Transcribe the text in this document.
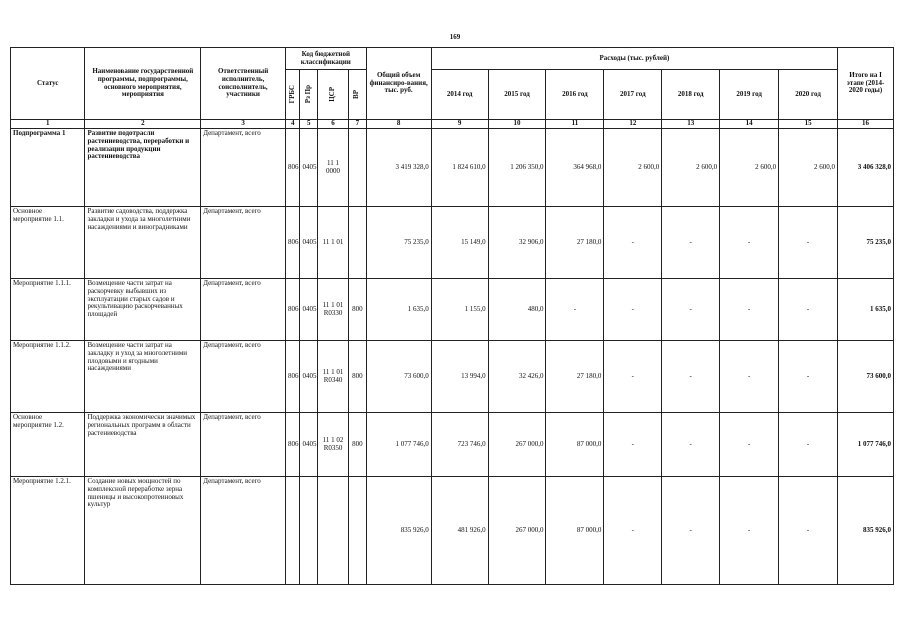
169
Статус	Наименование государственной программы, подпрограммы, основного мероприятия, мероприятия	Ответственный исполнитель, соисполнитель, участники	Код бюджетной классификации				Общий объем финансиро-вания, тыс. руб.	Расходы (тыс. рублей)							Итого на I этапе (2014-2020 годы)

			ГРБС	Рз Пр	ЦСР	ВР		2014 год	2015 год	2016 год	2017 год	2018 год	2019 год	2020 год	
1	2	3	4	5	6	7	8	9	10	11	12	13	14	15	16
Подпрограмма 1	Развитие подотрасли растениеводства, переработки и реализации продукции растениеводства	Департамент, всего	806	0405	11 1 0000		3 419 328,0	1 824 610,0	1 206 350,0	364 968,0	2 600,0	2 600,0	2 600,0	2 600,0	3 406 328,0
Основное мероприятие 1.1.	Развитие садоводства, поддержка закладки и ухода за многолетними насаждениями и виноградниками	Департамент, всего	806	0405	11 1 01		75 235,0	15 149,0	32 906,0	27 180,0	-	-	-	-	75 235,0
Мероприятие 1.1.1.	Возмещение части затрат на раскорчевку выбывших из эксплуатации старых садов и рекультивацию раскорчеванных площадей	Департамент, всего	806	0405	11 1 01 R0330	800	1 635,0	1 155,0	480,0	-	-	-	-	-	1 635,0
Мероприятие 1.1.2.	Возмещение части затрат на закладку и уход за многолетними плодовыми и ягодными насаждениями	Департамент, всего	806	0405	11 1 01 R0340	800	73 600,0	13 994,0	32 426,0	27 180,0	-	-	-	-	73 600,0
Основное мероприятие 1.2.	Поддержка экономически значимых региональных программ в области растениеводства	Департамент, всего	806	0405	11 1 02 R0350	800	1 077 746,0	723 746,0	267 000,0	87 000,0	-	-	-	-	1 077 746,0
Мероприятие 1.2.1.	Создание новых мощностей по комплексной переработке зерна пшеницы и высокопротеиновых культур	Департамент, всего					835 926,0	481 926,0	267 000,0	87 000,0	-	-	-	-	835 926,0
